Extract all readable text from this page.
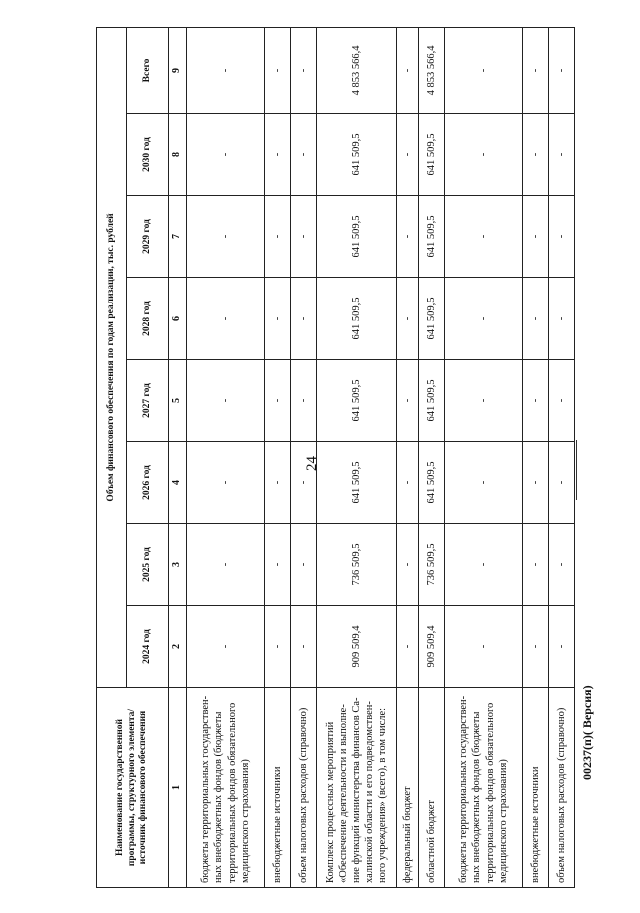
24
Наименование государственной программы, структурного элемента/источник финансового обеспечения	Объем финансового обеспечения по годам реализации, тыс. рублей							
	2024 год	2025 год	2026 год	2027 год	2028 год	2029 год	2030 год	Всего
1	2	3	4	5	6	7	8	9
бюджеты территориальных государствен-ных внебюджетных фондов (бюджеты территориальных фондов обязательного медицинского страхования)	-	-	-	-	-	-	-	-
внебюджетные источники	-	-	-	-	-	-	-	-
объем налоговых расходов (справочно)	-	-	-	-	-	-	-	-
Комплекс процессных мероприятий «Обеспечение деятельности и выполне-ние функций министерства финансов Са-халинской области и его подведомствен-ного учреждения» (всего), в том числе:	909 509,4	736 509,5	641 509,5	641 509,5	641 509,5	641 509,5	641 509,5	4 853 566,4
федеральный бюджет	-	-	-	-	-	-	-	-
областной бюджет	909 509,4	736 509,5	641 509,5	641 509,5	641 509,5	641 509,5	641 509,5	4 853 566,4
бюджеты территориальных государствен-ных внебюджетных фондов (бюджеты территориальных фондов обязательного медицинского страхования)	-	-	-	-	-	-	-	-
внебюджетные источники	-	-	-	-	-	-	-	-
объем налоговых расходов (справочно)	-	-	-	-	-	-	-	-
00237(п)( Версия)
